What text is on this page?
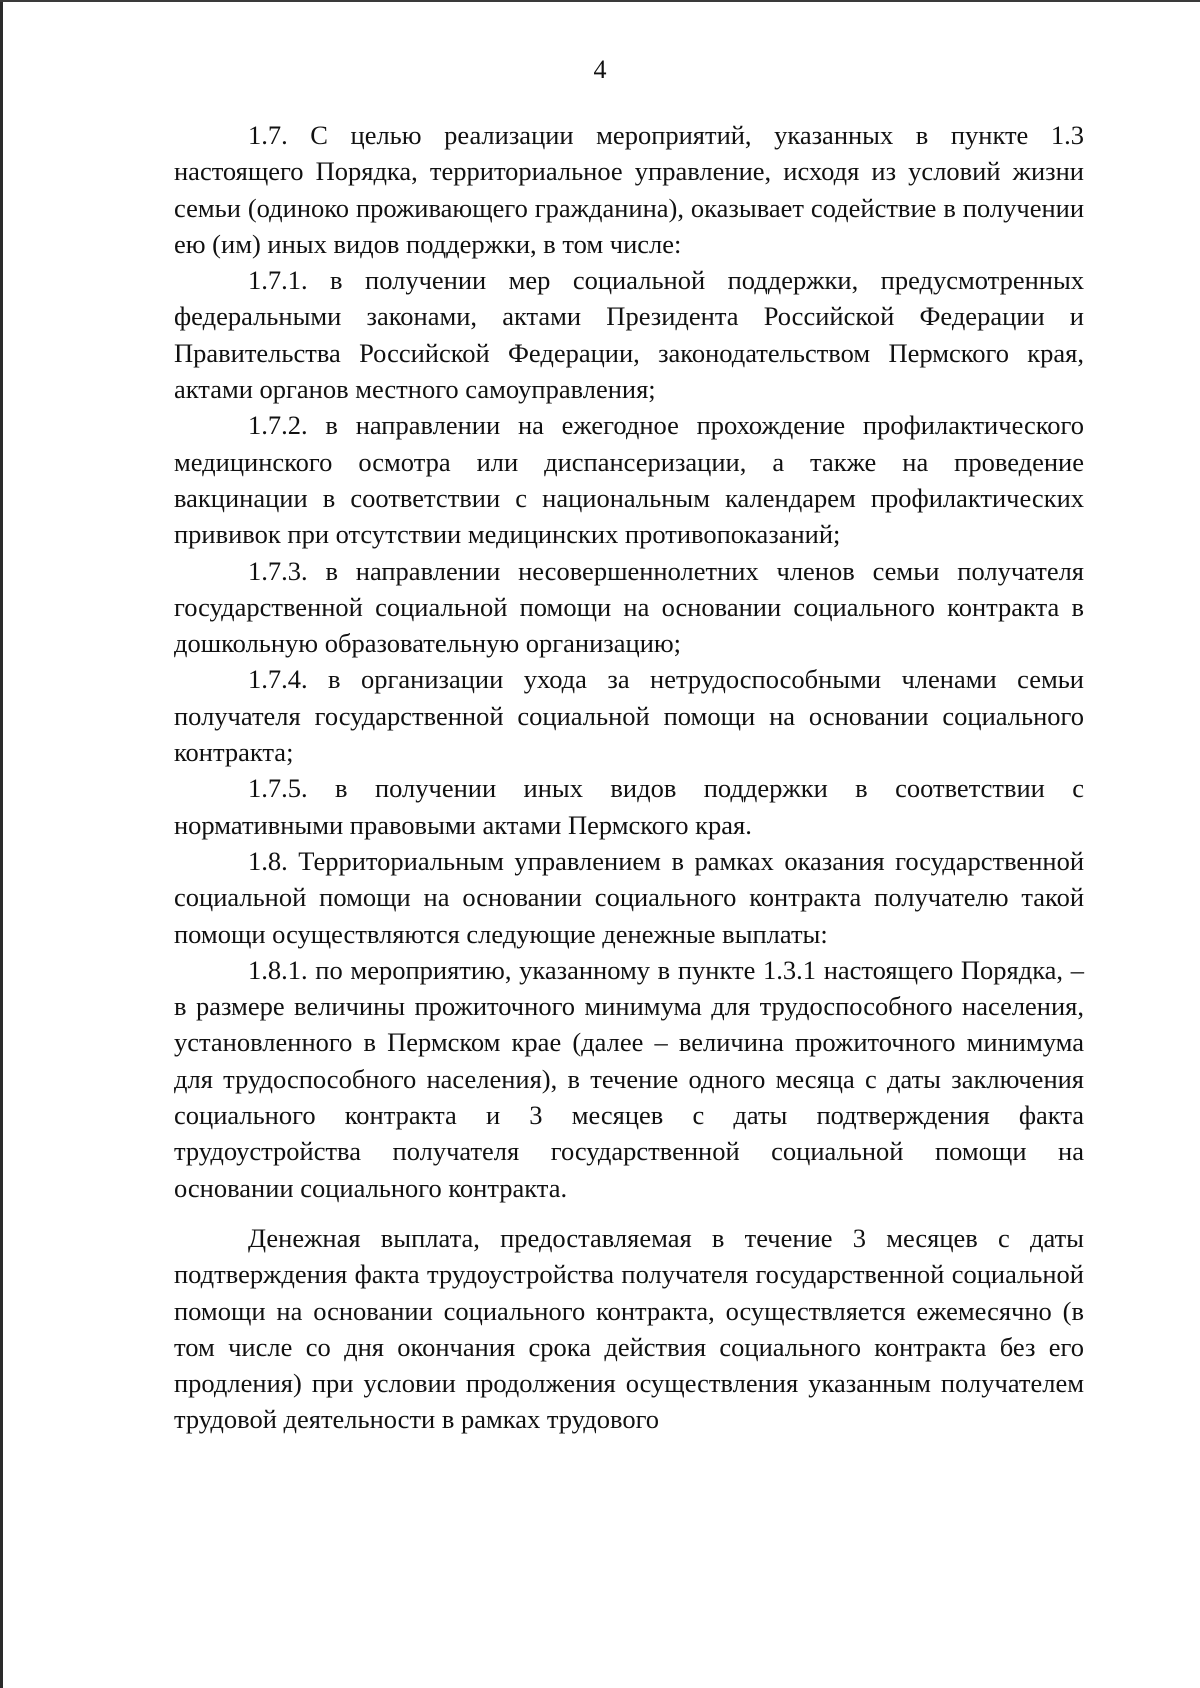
4

1.7. С целью реализации мероприятий, указанных в пункте 1.3 настоящего Порядка, территориальное управление, исходя из условий жизни семьи (одиноко проживающего гражданина), оказывает содействие в получении ею (им) иных видов поддержки, в том числе:

1.7.1. в получении мер социальной поддержки, предусмотренных федеральными законами, актами Президента Российской Федерации и Правительства Российской Федерации, законодательством Пермского края, актами органов местного самоуправления;

1.7.2. в направлении на ежегодное прохождение профилактического медицинского осмотра или диспансеризации, а также на проведение вакцинации в соответствии с национальным календарем профилактических прививок при отсутствии медицинских противопоказаний;

1.7.3. в направлении несовершеннолетних членов семьи получателя государственной социальной помощи на основании социального контракта в дошкольную образовательную организацию;

1.7.4. в организации ухода за нетрудоспособными членами семьи получателя государственной социальной помощи на основании социального контракта;

1.7.5. в получении иных видов поддержки в соответствии с нормативными правовыми актами Пермского края.

1.8. Территориальным управлением в рамках оказания государственной социальной помощи на основании социального контракта получателю такой помощи осуществляются следующие денежные выплаты:

1.8.1. по мероприятию, указанному в пункте 1.3.1 настоящего Порядка, – в размере величины прожиточного минимума для трудоспособного населения, установленного в Пермском крае (далее – величина прожиточного минимума для трудоспособного населения), в течение одного месяца с даты заключения социального контракта и 3 месяцев с даты подтверждения факта трудоустройства получателя государственной социальной помощи на основании социального контракта.

Денежная выплата, предоставляемая в течение 3 месяцев с даты подтверждения факта трудоустройства получателя государственной социальной помощи на основании социального контракта, осуществляется ежемесячно (в том числе со дня окончания срока действия социального контракта без его продления) при условии продолжения осуществления указанным получателем трудовой деятельности в рамках трудового
